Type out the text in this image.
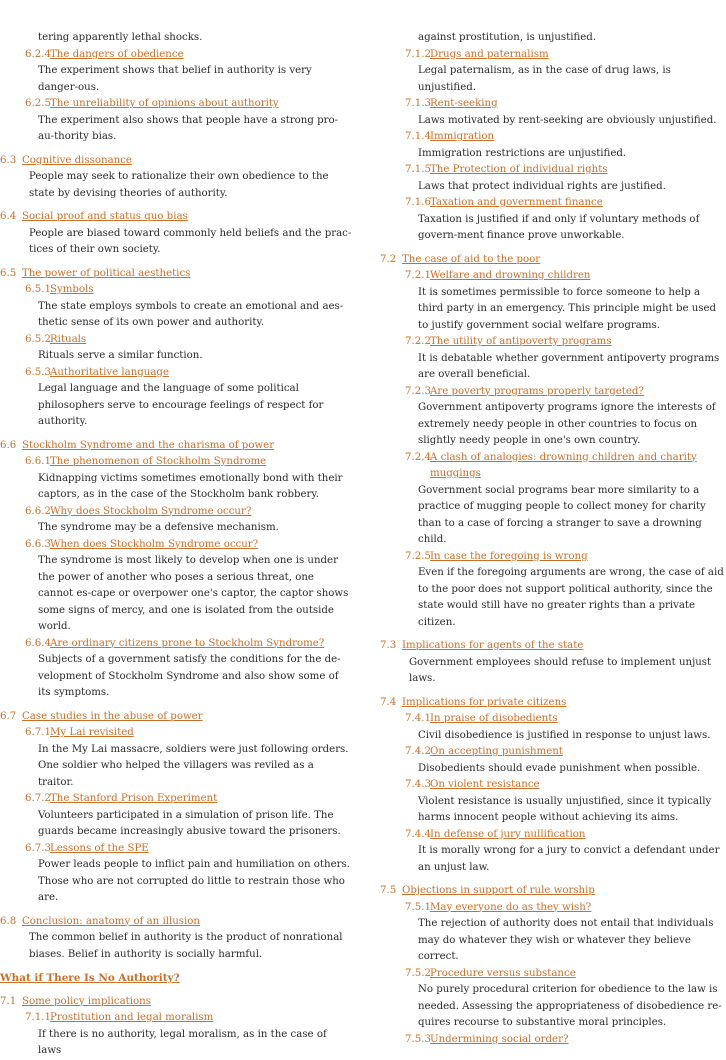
tering apparently lethal shocks.
6.2.4 The dangers of obedience
The experiment shows that belief in authority is very danger-ous.
6.2.5 The unreliability of opinions about authority
The experiment also shows that people have a strong pro-au-thority bias.
6.3 Cognitive dissonance
People may seek to rationalize their own obedience to the state by devising theories of authority.
6.4 Social proof and status quo bias
People are biased toward commonly held beliefs and the prac-tices of their own society.
6.5 The power of political aesthetics
6.5.1 Symbols
The state employs symbols to create an emotional and aes-thetic sense of its own power and authority.
6.5.2 Rituals
Rituals serve a similar function.
6.5.3 Authoritative language
Legal language and the language of some political philosophers serve to encourage feelings of respect for authority.
6.6 Stockholm Syndrome and the charisma of power
6.6.1 The phenomenon of Stockholm Syndrome
Kidnapping victims sometimes emotionally bond with their captors, as in the case of the Stockholm bank robbery.
6.6.2 Why does Stockholm Syndrome occur?
The syndrome may be a defensive mechanism.
6.6.3 When does Stockholm Syndrome occur?
The syndrome is most likely to develop when one is under the power of another who poses a serious threat, one cannot es-cape or overpower one's captor, the captor shows some signs of mercy, and one is isolated from the outside world.
6.6.4 Are ordinary citizens prone to Stockholm Syndrome?
Subjects of a government satisfy the conditions for the de-velopment of Stockholm Syndrome and also show some of its symptoms.
6.7 Case studies in the abuse of power
6.7.1 My Lai revisited
In the My Lai massacre, soldiers were just following orders. One soldier who helped the villagers was reviled as a traitor.
6.7.2 The Stanford Prison Experiment
Volunteers participated in a simulation of prison life. The guards became increasingly abusive toward the prisoners.
6.7.3 Lessons of the SPE
Power leads people to inflict pain and humiliation on others. Those who are not corrupted do little to restrain those who are.
6.8 Conclusion: anatomy of an illusion
The common belief in authority is the product of nonrational biases. Belief in authority is socially harmful.
What if There Is No Authority?
7.1 Some policy implications
7.1.1 Prostitution and legal moralism
If there is no authority, legal moralism, as in the case of laws
against prostitution, is unjustified.
7.1.2 Drugs and paternalism
Legal paternalism, as in the case of drug laws, is unjustified.
7.1.3 Rent-seeking
Laws motivated by rent-seeking are obviously unjustified.
7.1.4 Immigration
Immigration restrictions are unjustified.
7.1.5 The Protection of individual rights
Laws that protect individual rights are justified.
7.1.6 Taxation and government finance
Taxation is justified if and only if voluntary methods of govern-ment finance prove unworkable.
7.2 The case of aid to the poor
7.2.1 Welfare and drowning children
It is sometimes permissible to force someone to help a third party in an emergency. This principle might be used to justify government social welfare programs.
7.2.2 The utility of antipoverty programs
It is debatable whether government antipoverty programs are overall beneficial.
7.2.3 Are poverty programs properly targeted?
Government antipoverty programs ignore the interests of extremely needy people in other countries to focus on slightly needy people in one's own country.
7.2.4 A clash of analogies: drowning children and charity muggings
Government social programs bear more similarity to a practice of mugging people to collect money for charity than to a case of forcing a stranger to save a drowning child.
7.2.5 In case the foregoing is wrong
Even if the foregoing arguments are wrong, the case of aid to the poor does not support political authority, since the state would still have no greater rights than a private citizen.
7.3 Implications for agents of the state
Government employees should refuse to implement unjust laws.
7.4 Implications for private citizens
7.4.1 In praise of disobedients
Civil disobedience is justified in response to unjust laws.
7.4.2 On accepting punishment
Disobedients should evade punishment when possible.
7.4.3 On violent resistance
Violent resistance is usually unjustified, since it typically harms innocent people without achieving its aims.
7.4.4 In defense of jury nullification
It is morally wrong for a jury to convict a defendant under an unjust law.
7.5 Objections in support of rule worship
7.5.1 May everyone do as they wish?
The rejection of authority does not entail that individuals may do whatever they wish or whatever they believe correct.
7.5.2 Procedure versus substance
No purely procedural criterion for obedience to the law is needed. Assessing the appropriateness of disobedience re-quires recourse to substantive moral principles.
7.5.3 Undermining social order?
